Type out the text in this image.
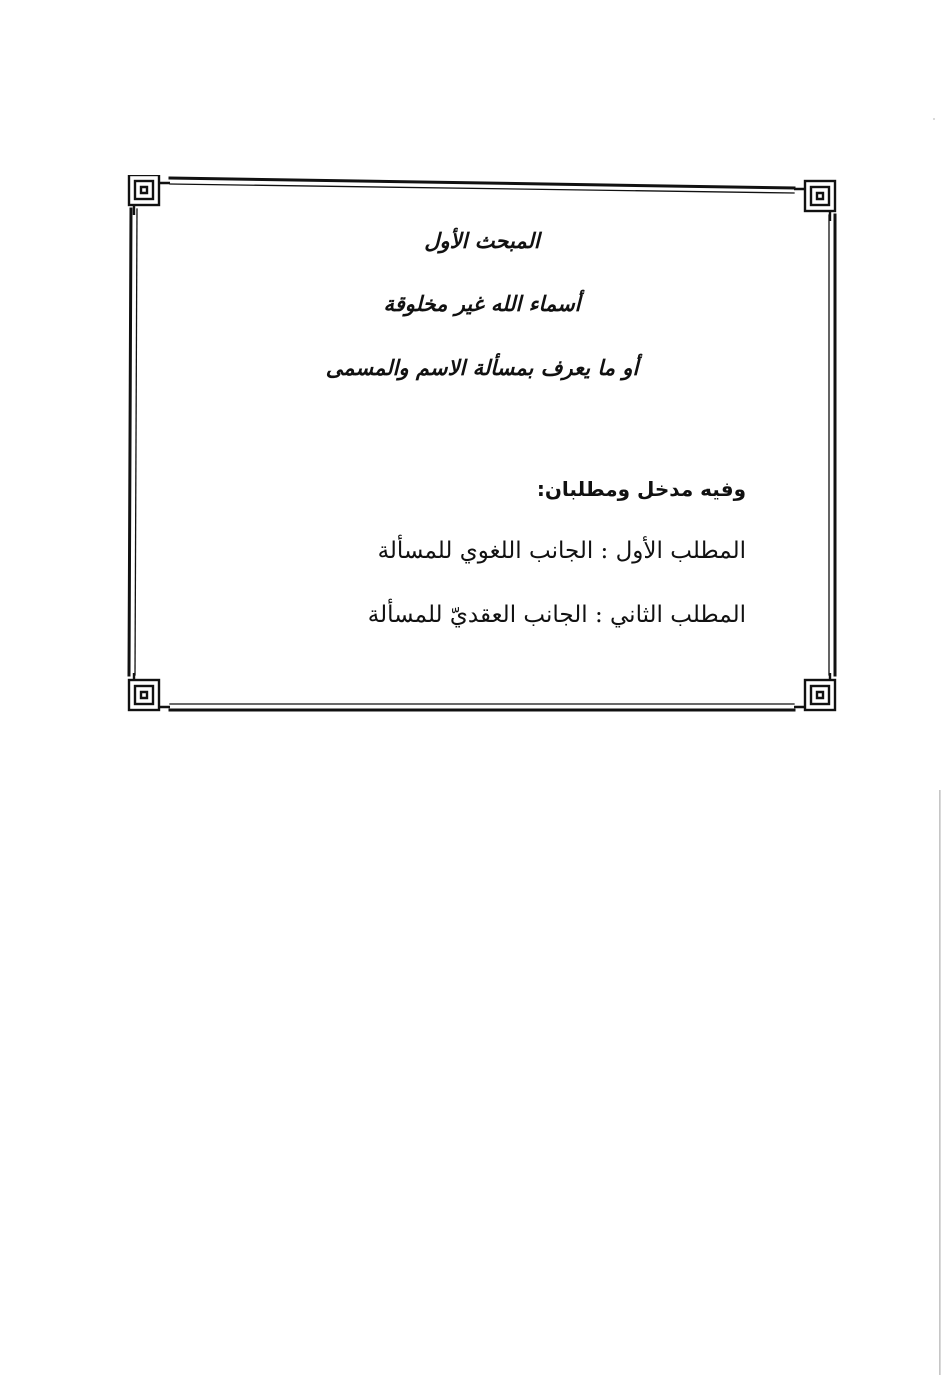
المبحث الأول

أسماء الله غير مخلوقة

أو ما يعرف بمسألة الاسم والمسمى

وفيه مدخل ومطلبان:

المطلب الأول : الجانب اللغوي للمسألة

المطلب الثاني : الجانب العقديّ للمسألة
